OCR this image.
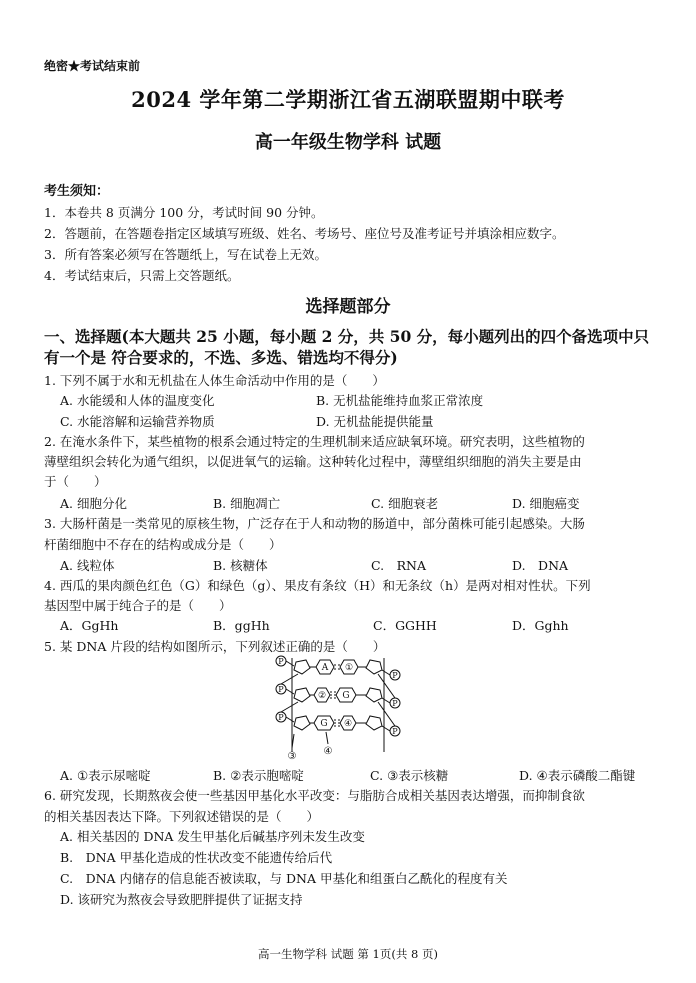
绝密★考试结束前
2024 学年第二学期浙江省五湖联盟期中联考
高一年级生物学科 试题
考生须知：
1．本卷共 8 页满分 100 分，考试时间 90 分钟。
2．答题前，在答题卷指定区域填写班级、姓名、考场号、座位号及准考证号并填涂相应数字。
3．所有答案必须写在答题纸上，写在试卷上无效。
4．考试结束后，只需上交答题纸。
选择题部分
一、选择题(本大题共 25 小题，每小题 2 分，共 50 分，每小题列出的四个备选项中只
有一个是 符合要求的，不选、多选、错选均不得分)
1. 下列不属于水和无机盐在人体生命活动中作用的是（　　）
A. 水能缓和人体的温度变化	B. 无机盐能维持血浆正常浓度
C. 水能溶解和运输营养物质	D. 无机盐能提供能量
2. 在淹水条件下，某些植物的根系会通过特定的生理机制来适应缺氧环境。研究表明，这些植物的
薄壁组织会转化为通气组织，以促进氧气的运输。这种转化过程中，薄壁组织细胞的消失主要是由
于（　　）
A. 细胞分化	B. 细胞凋亡	C. 细胞衰老	D. 细胞癌变
3. 大肠杆菌是一类常见的原核生物，广泛存在于人和动物的肠道中，部分菌株可能引起感染。大肠
杆菌细胞中不存在的结构或成分是（　　）
A. 线粒体	B. 核糖体	C.　RNA	D.　DNA
4. 西瓜的果肉颜色红色（G）和绿色（g）、果皮有条纹（H）和无条纹（h）是两对相对性状。下列
基因型中属于纯合子的是（　　）
A．GgHh	B．ggHh	C．GGHH	D．Gghh
5. 某 DNA 片段的结构如图所示，下列叙述正确的是（　　）
P
P
P
P
P
P
A ①
② G
G ④
③	④
A. ①表示尿嘧啶	B. ②表示胞嘧啶	C. ③表示核糖	D. ④表示磷酸二酯键
6. 研究发现，长期熬夜会使一些基因甲基化水平改变：与脂肪合成相关基因表达增强，而抑制食欲
的相关基因表达下降。下列叙述错误的是（　　）
A. 相关基因的 DNA 发生甲基化后碱基序列未发生改变
B.　DNA 甲基化造成的性状改变不能遗传给后代
C.　DNA 内储存的信息能否被读取，与 DNA 甲基化和组蛋白乙酰化的程度有关
D. 该研究为熬夜会导致肥胖提供了证据支持
高一生物学科 试题 第 1页(共 8 页)
